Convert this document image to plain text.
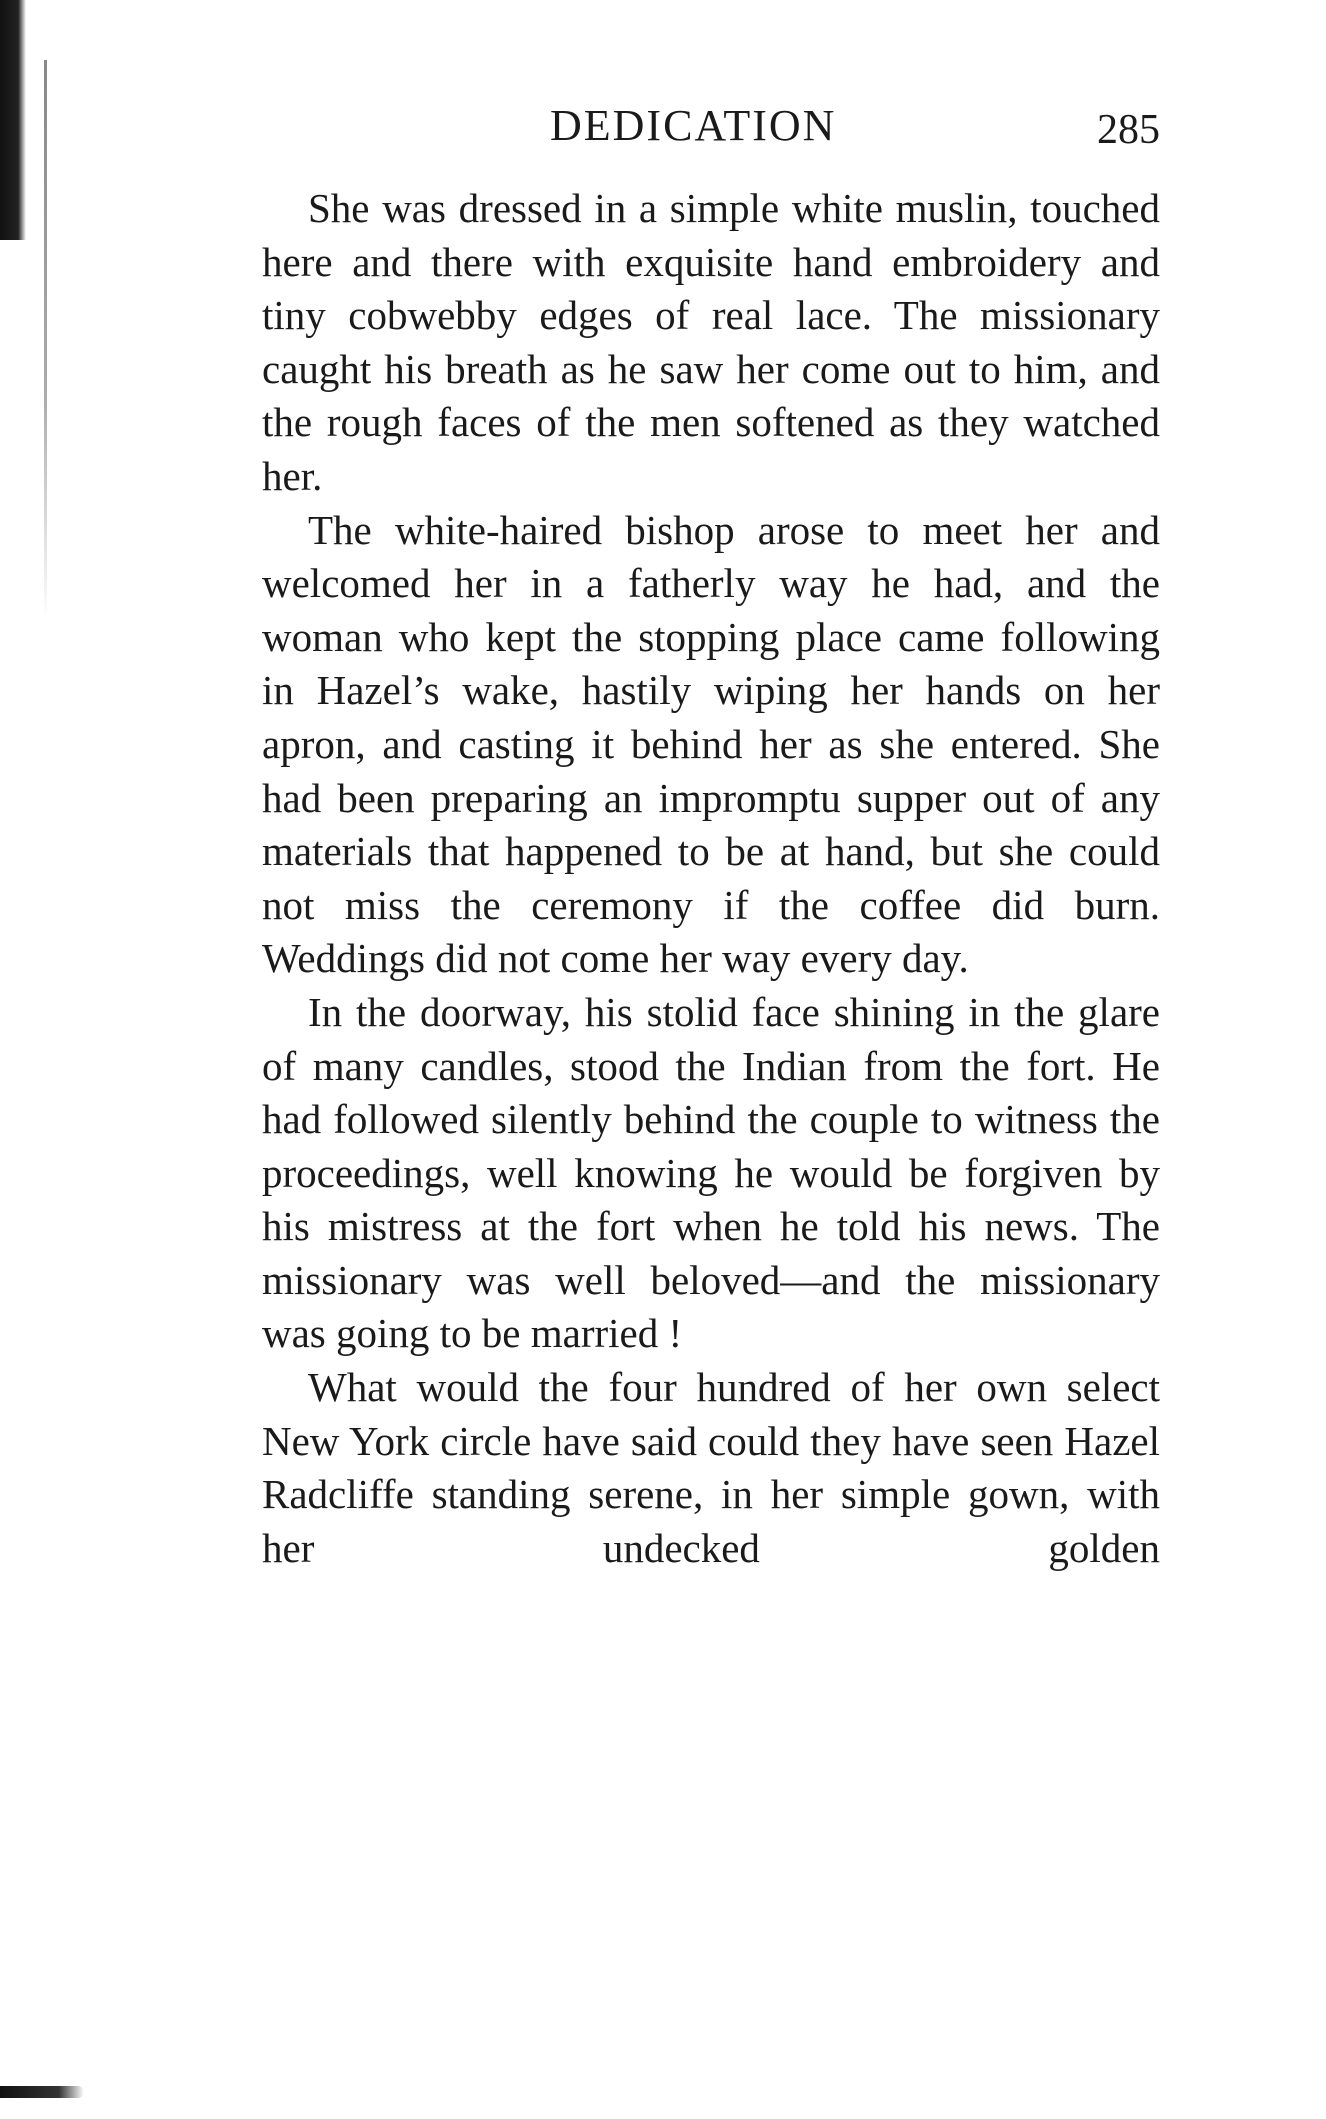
DEDICATION	285

She was dressed in a simple white muslin, touched here and there with exquisite hand embroidery and tiny cobwebby edges of real lace. The missionary caught his breath as he saw her come out to him, and the rough faces of the men softened as they watched her.

The white-haired bishop arose to meet her and welcomed her in a fatherly way he had, and the woman who kept the stopping place came following in Hazel’s wake, hastily wiping her hands on her apron, and casting it behind her as she entered. She had been preparing an impromptu supper out of any materials that happened to be at hand, but she could not miss the ceremony if the coffee did burn. Weddings did not come her way every day.

In the doorway, his stolid face shining in the glare of many candles, stood the Indian from the fort. He had followed silently behind the couple to witness the proceedings, well knowing he would be forgiven by his mistress at the fort when he told his news. The missionary was well beloved—and the missionary was going to be married !

What would the four hundred of her own select New York circle have said could they have seen Hazel Radcliffe standing serene, in her simple gown, with her undecked golden
